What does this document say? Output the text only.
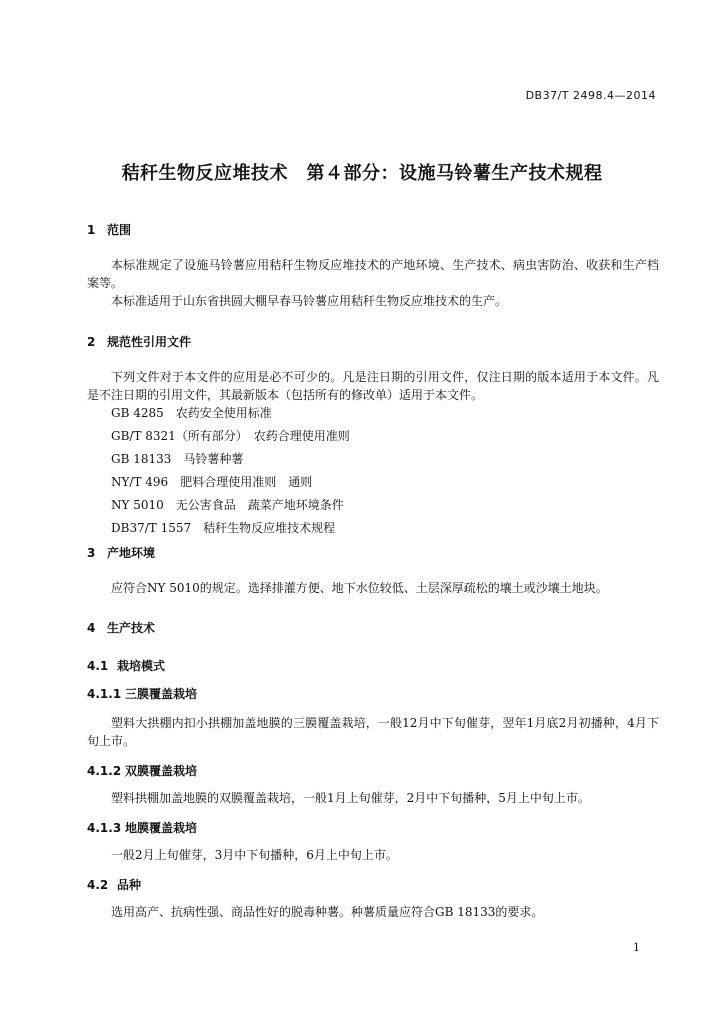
DB37/T 2498.4—2014
秸秆生物反应堆技术　第４部分：设施马铃薯生产技术规程
1 范围
本标准规定了设施马铃薯应用秸秆生物反应堆技术的产地环境、生产技术、病虫害防治、收获和生产档案等。
本标准适用于山东省拱圆大棚早春马铃薯应用秸秆生物反应堆技术的生产。
2 规范性引用文件
下列文件对于本文件的应用是必不可少的。凡是注日期的引用文件，仅注日期的版本适用于本文件。凡是不注日期的引用文件，其最新版本（包括所有的修改单）适用于本文件。
GB 4285　农药安全使用标准
GB/T 8321（所有部分）　农药合理使用准则
GB 18133　马铃薯种薯
NY/T 496　肥料合理使用准则　通则
NY 5010　无公害食品　蔬菜产地环境条件
DB37/T 1557　秸秆生物反应堆技术规程
3 产地环境
应符合NY 5010的规定。选择排灌方便、地下水位较低、土层深厚疏松的壤土或沙壤土地块。
4 生产技术
4.1 栽培模式
4.1.1 三膜覆盖栽培
塑料大拱棚内扣小拱棚加盖地膜的三膜覆盖栽培，一般12月中下旬催芽，翌年1月底2月初播种，4月下旬上市。
4.1.2 双膜覆盖栽培
塑料拱棚加盖地膜的双膜覆盖栽培，一般1月上旬催芽，2月中下旬播种，5月上中旬上市。
4.1.3 地膜覆盖栽培
一般2月上旬催芽，3月中下旬播种，6月上中旬上市。
4.2 品种
选用高产、抗病性强、商品性好的脱毒种薯。种薯质量应符合GB 18133的要求。
1
